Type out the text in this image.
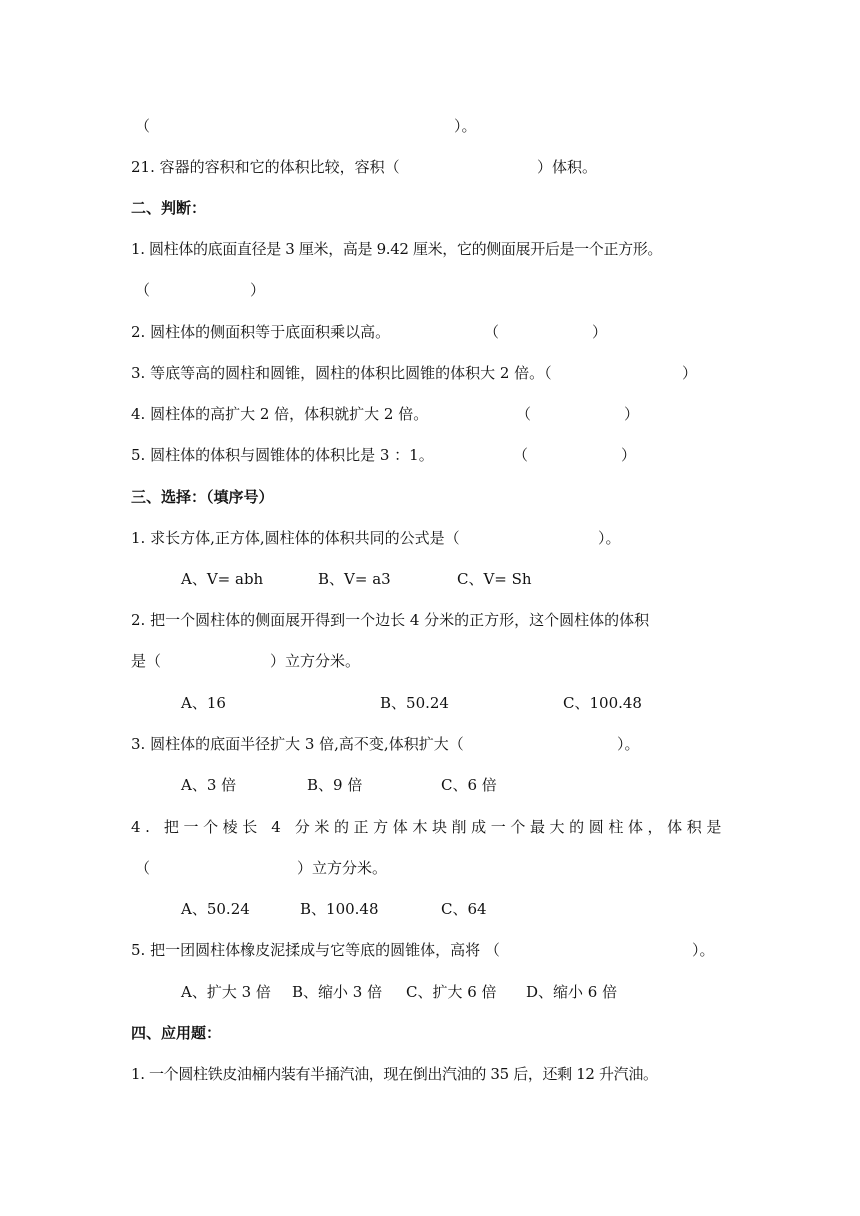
（

	）。

21. 容器的容积和它的体积比较，容积（

	）体积。

二、判断：

1. 圆柱体的底面直径是 3 厘米，高是 9.42 厘米，它的侧面展开后是一个正方形。

（

	）

2. 圆柱体的侧面积等于底面积乘以高。

	（

	）

3. 等底等高的圆柱和圆锥，圆柱的体积比圆锥的体积大 2 倍。（

	）

4. 圆柱体的高扩大 2 倍，体积就扩大 2 倍。

	（

	）

5. 圆柱体的体积与圆锥体的体积比是 3 ：1。

	（

	）

三、选择：（填序号）

1. 求长方体,正方体,圆柱体的体积共同的公式是（

	）。

A、V= abh

	B、V= a3

	C、V= Sh

2. 把一个圆柱体的侧面展开得到一个边长 4 分米的正方形，这个圆柱体的体积

是（

	）立方分米。

A、16

	B、50.24

	C、100.48

3. 圆柱体的底面半径扩大 3 倍,高不变,体积扩大（

	）。

A、3 倍

	B、9 倍

	C、6 倍

4. 把一个棱长 4 分米的正方体木块削成一个最大的圆柱体，体积是

（

	）立方分米。

A、50.24

	B、100.48

	C、64

5. 把一团圆柱体橡皮泥揉成与它等底的圆锥体，高将 （

	）。

A、扩大 3 倍

B、缩小 3 倍

C、扩大 6 倍

D、缩小 6 倍

四、应用题：

1. 一个圆柱铁皮油桶内装有半捅汽油，现在倒出汽油的 35 后，还剩 12 升汽油。
